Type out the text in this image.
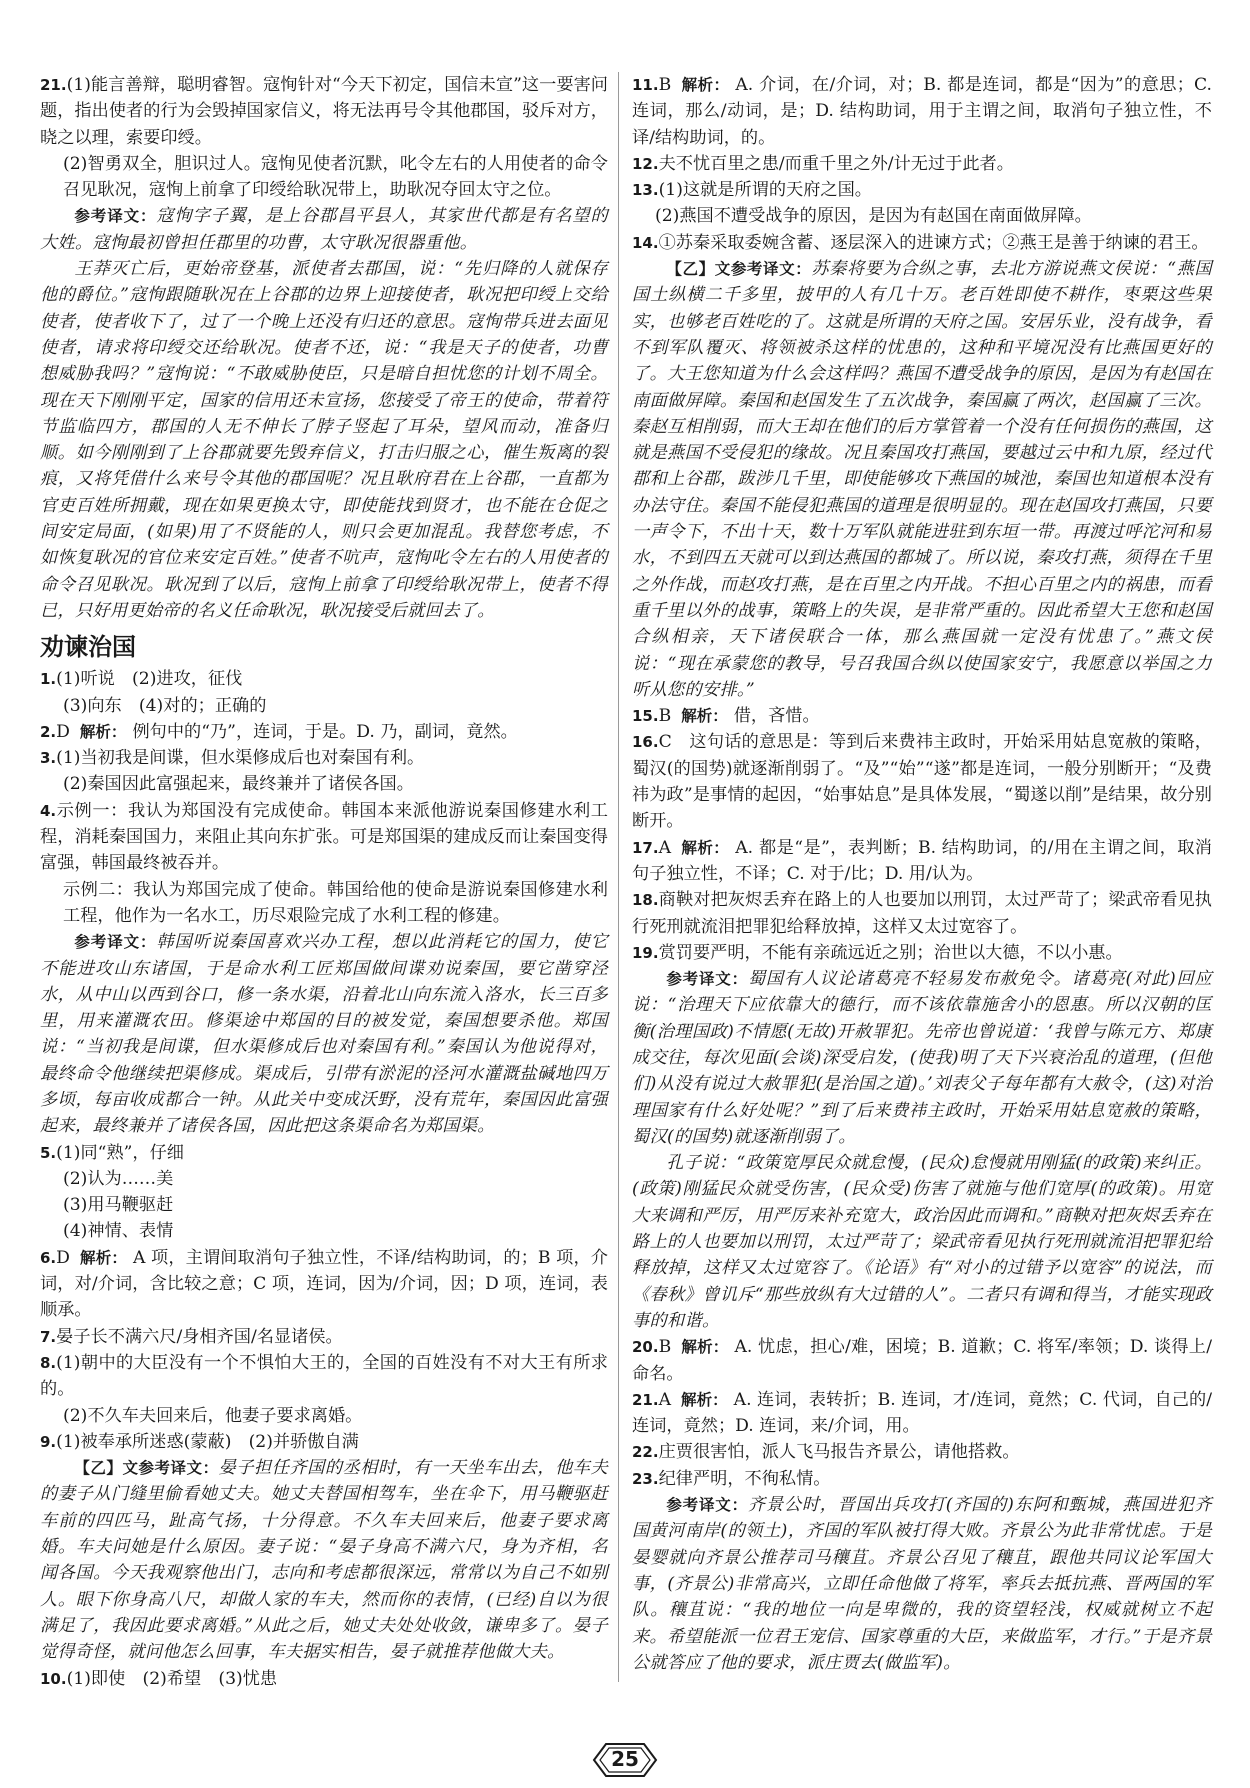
21.(1)能言善辩，聪明睿智。寇恂针对“今天下初定，国信未宣”这一要害问题，指出使者的行为会毁掉国家信义，将无法再号令其他郡国，驳斥对方，晓之以理，索要印绶。

(2)智勇双全，胆识过人。寇恂见使者沉默，叱令左右的人用使者的命令召见耿况，寇恂上前拿了印绶给耿况带上，助耿况夺回太守之位。

参考译文：寇恂字子翼，是上谷郡昌平县人，其家世代都是有名望的大姓。寇恂最初曾担任郡里的功曹，太守耿况很器重他。

王莽灭亡后，更始帝登基，派使者去郡国，说：“先归降的人就保存他的爵位。”寇恂跟随耿况在上谷郡的边界上迎接使者，耿况把印绶上交给使者，使者收下了，过了一个晚上还没有归还的意思。寇恂带兵进去面见使者，请求将印绶交还给耿况。使者不还，说：“我是天子的使者，功曹想威胁我吗？”寇恂说：“不敢威胁使臣，只是暗自担忧您的计划不周全。现在天下刚刚平定，国家的信用还未宣扬，您接受了帝王的使命，带着符节监临四方，郡国的人无不伸长了脖子竖起了耳朵，望风而动，准备归顺。如今刚刚到了上谷郡就要先毁弃信义，打击归服之心，催生叛离的裂痕，又将凭借什么来号令其他的郡国呢？况且耿府君在上谷郡，一直都为官吏百姓所拥戴，现在如果更换太守，即使能找到贤才，也不能在仓促之间安定局面，(如果)用了不贤能的人，则只会更加混乱。我替您考虑，不如恢复耿况的官位来安定百姓。”使者不吭声，寇恂叱令左右的人用使者的命令召见耿况。耿况到了以后，寇恂上前拿了印绶给耿况带上，使者不得已，只好用更始帝的名义任命耿况，耿况接受后就回去了。

劝谏治国

1.(1)听说　(2)进攻，征伐

(3)向东　(4)对的；正确的

2.D 解析： 例句中的“乃”，连词，于是。D. 乃，副词，竟然。

3.(1)当初我是间谍，但水渠修成后也对秦国有利。

(2)秦国因此富强起来，最终兼并了诸侯各国。

4.示例一：我认为郑国没有完成使命。韩国本来派他游说秦国修建水利工程，消耗秦国国力，来阻止其向东扩张。可是郑国渠的建成反而让秦国变得富强，韩国最终被吞并。

示例二：我认为郑国完成了使命。韩国给他的使命是游说秦国修建水利工程，他作为一名水工，历尽艰险完成了水利工程的修建。

参考译文：韩国听说秦国喜欢兴办工程，想以此消耗它的国力，使它不能进攻山东诸国，于是命水利工匠郑国做间谍劝说秦国，要它凿穿泾水，从中山以西到谷口，修一条水渠，沿着北山向东流入洛水，长三百多里，用来灌溉农田。修渠途中郑国的目的被发觉，秦国想要杀他。郑国说：“当初我是间谍，但水渠修成后也对秦国有利。”秦国认为他说得对，最终命令他继续把渠修成。渠成后，引带有淤泥的泾河水灌溉盐碱地四万多顷，每亩收成都合一钟。从此关中变成沃野，没有荒年，秦国因此富强起来，最终兼并了诸侯各国，因此把这条渠命名为郑国渠。

5.(1)同“熟”，仔细

(2)认为……美

(3)用马鞭驱赶

(4)神情、表情

6.D 解析： A 项，主谓间取消句子独立性，不译/结构助词，的；B 项，介词，对/介词，含比较之意；C 项，连词，因为/介词，因；D 项，连词，表顺承。

7.晏子长不满六尺/身相齐国/名显诸侯。

8.(1)朝中的大臣没有一个不惧怕大王的，全国的百姓没有不对大王有所求的。

(2)不久车夫回来后，他妻子要求离婚。

9.(1)被奉承所迷惑(蒙蔽)　(2)并骄傲自满

【乙】文参考译文：晏子担任齐国的丞相时，有一天坐车出去，他车夫的妻子从门缝里偷看她丈夫。她丈夫替国相驾车，坐在伞下，用马鞭驱赶车前的四匹马，趾高气扬，十分得意。不久车夫回来后，他妻子要求离婚。车夫问她是什么原因。妻子说：“晏子身高不满六尺，身为齐相，名闻各国。今天我观察他出门，志向和考虑都很深远，常常以为自己不如别人。眼下你身高八尺，却做人家的车夫，然而你的表情，(已经)自以为很满足了，我因此要求离婚。”从此之后，她丈夫处处收敛，谦卑多了。晏子觉得奇怪，就问他怎么回事，车夫据实相告，晏子就推荐他做大夫。

10.(1)即使　(2)希望　(3)忧患

11.B 解析： A. 介词，在/介词，对；B. 都是连词，都是“因为”的意思；C. 连词，那么/动词，是；D. 结构助词，用于主谓之间，取消句子独立性，不译/结构助词，的。

12.夫不忧百里之患/而重千里之外/计无过于此者。

13.(1)这就是所谓的天府之国。

(2)燕国不遭受战争的原因，是因为有赵国在南面做屏障。

14.①苏秦采取委婉含蓄、逐层深入的进谏方式；②燕王是善于纳谏的君王。

【乙】文参考译文：苏秦将要为合纵之事，去北方游说燕文侯说：“燕国国土纵横二千多里，披甲的人有几十万。老百姓即使不耕作，枣栗这些果实，也够老百姓吃的了。这就是所谓的天府之国。安居乐业，没有战争，看不到军队覆灭、将领被杀这样的忧患的，这种和平境况没有比燕国更好的了。大王您知道为什么会这样吗？燕国不遭受战争的原因，是因为有赵国在南面做屏障。秦国和赵国发生了五次战争，秦国赢了两次，赵国赢了三次。秦赵互相削弱，而大王却在他们的后方掌管着一个没有任何损伤的燕国，这就是燕国不受侵犯的缘故。况且秦国攻打燕国，要越过云中和九原，经过代郡和上谷郡，跋涉几千里，即使能够攻下燕国的城池，秦国也知道根本没有办法守住。秦国不能侵犯燕国的道理是很明显的。现在赵国攻打燕国，只要一声令下，不出十天，数十万军队就能进驻到东垣一带。再渡过呼沱河和易水，不到四五天就可以到达燕国的都城了。所以说，秦攻打燕，须得在千里之外作战，而赵攻打燕，是在百里之内开战。不担心百里之内的祸患，而看重千里以外的战事，策略上的失误，是非常严重的。因此希望大王您和赵国合纵相亲，天下诸侯联合一体，那么燕国就一定没有忧患了。”燕文侯说：“现在承蒙您的教导，号召我国合纵以使国家安宁，我愿意以举国之力听从您的安排。”

15.B 解析： 借，吝惜。

16.C　 这句话的意思是：等到后来费祎主政时，开始采用姑息宽赦的策略，蜀汉(的国势)就逐渐削弱了。“及”“始”“遂”都是连词，一般分别断开；“及费祎为政”是事情的起因，“始事姑息”是具体发展，“蜀遂以削”是结果，故分别断开。

17.A 解析： A. 都是“是”，表判断；B. 结构助词，的/用在主谓之间，取消句子独立性，不译；C. 对于/比；D. 用/认为。

18.商鞅对把灰烬丢弃在路上的人也要加以刑罚，太过严苛了；梁武帝看见执行死刑就流泪把罪犯给释放掉，这样又太过宽容了。

19.赏罚要严明，不能有亲疏远近之别；治世以大德，不以小惠。

参考译文：蜀国有人议论诸葛亮不轻易发布赦免令。诸葛亮(对此)回应说：“治理天下应依靠大的德行，而不该依靠施舍小的恩惠。所以汉朝的匡衡(治理国政)不情愿(无故)开赦罪犯。先帝也曾说道：‘我曾与陈元方、郑康成交往，每次见面(会谈)深受启发，(使我)明了天下兴衰治乱的道理，(但他们)从没有说过大赦罪犯(是治国之道)。’刘表父子每年都有大赦令，(这)对治理国家有什么好处呢？”到了后来费祎主政时，开始采用姑息宽赦的策略，蜀汉(的国势)就逐渐削弱了。

孔子说：“政策宽厚民众就怠慢，(民众)怠慢就用刚猛(的政策)来纠正。(政策)刚猛民众就受伤害，(民众受)伤害了就施与他们宽厚(的政策)。用宽大来调和严厉，用严厉来补充宽大，政治因此而调和。”商鞅对把灰烬丢弃在路上的人也要加以刑罚，太过严苛了；梁武帝看见执行死刑就流泪把罪犯给释放掉，这样又太过宽容了。《论语》有“对小的过错予以宽容”的说法，而《春秋》曾讥斥“那些放纵有大过错的人”。二者只有调和得当，才能实现政事的和谐。

20.B 解析： A. 忧虑，担心/难，困境；B. 道歉；C. 将军/率领；D. 谈得上/命名。

21.A 解析： A. 连词，表转折；B. 连词，才/连词，竟然；C. 代词，自己的/连词，竟然；D. 连词，来/介词，用。

22.庄贾很害怕，派人飞马报告齐景公，请他搭救。

23.纪律严明，不徇私情。

参考译文：齐景公时，晋国出兵攻打(齐国的)东阿和甄城，燕国进犯齐国黄河南岸(的领土)，齐国的军队被打得大败。齐景公为此非常忧虑。于是晏婴就向齐景公推荐司马穰苴。齐景公召见了穰苴，跟他共同议论军国大事，(齐景公)非常高兴，立即任命他做了将军，率兵去抵抗燕、晋两国的军队。穰苴说：“我的地位一向是卑微的，我的资望轻浅，权威就树立不起来。希望能派一位君王宠信、国家尊重的大臣，来做监军，才行。”于是齐景公就答应了他的要求，派庄贾去(做监军)。

25
